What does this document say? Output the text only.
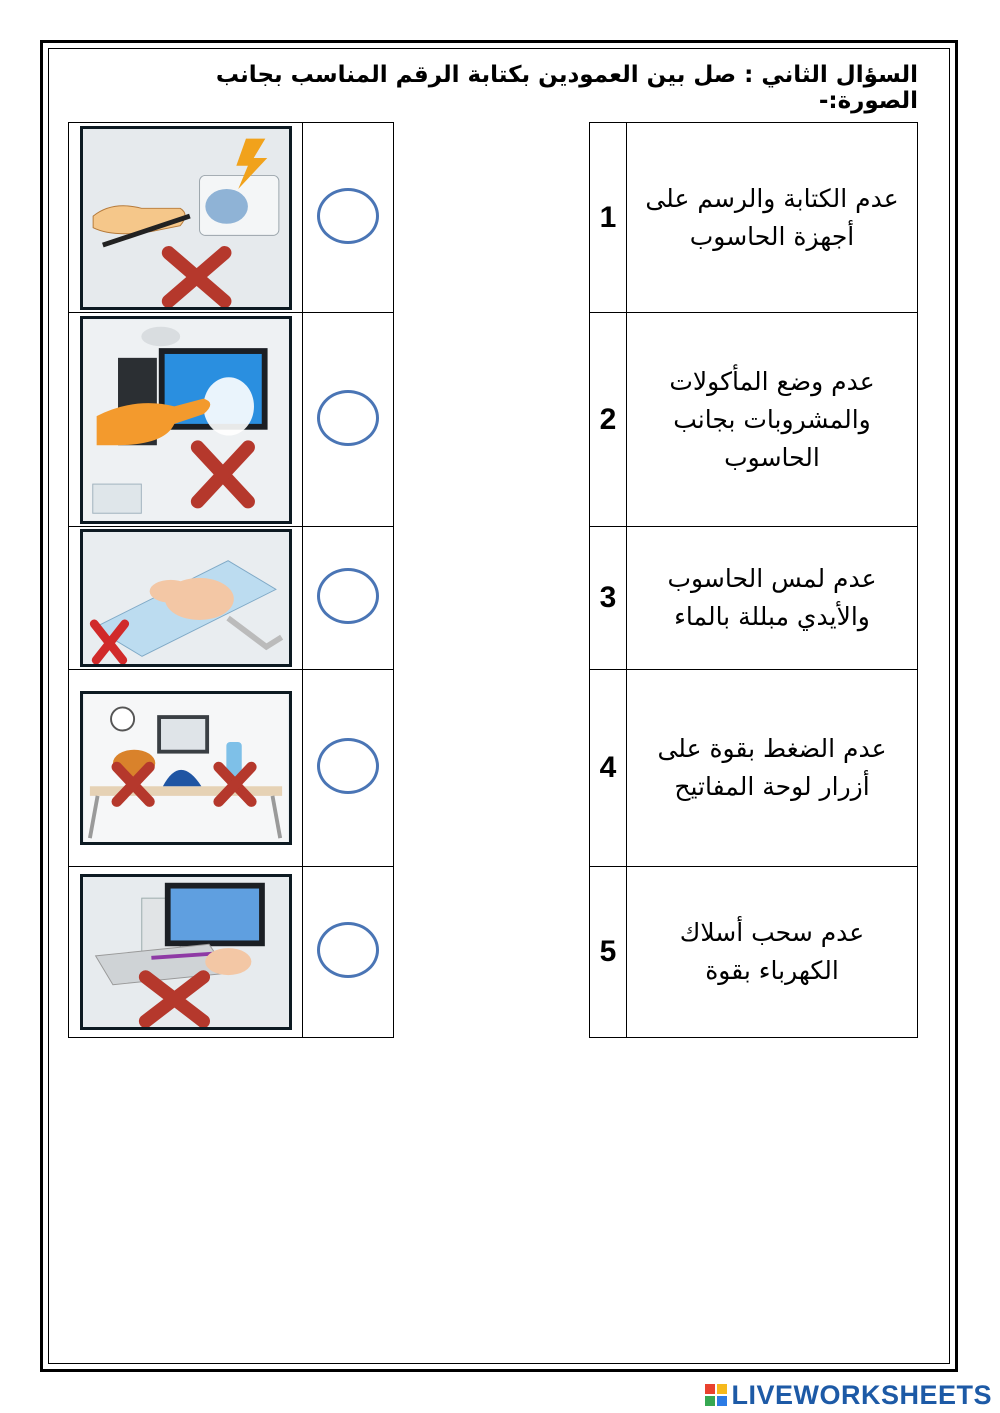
السؤال الثاني : صل بين العمودين بكتابة الرقم المناسب بجانب الصورة:-

1	عدم الكتابة والرسم على
أجهزة الحاسوب

2	عدم وضع المأكولات
والمشروبات بجانب
الحاسوب

3	عدم لمس الحاسوب
والأيدي مبللة بالماء

4	عدم الضغط بقوة على
أزرار لوحة المفاتيح

5	عدم سحب أسلاك
الكهرباء بقوة
LIVEWORKSHEETS
